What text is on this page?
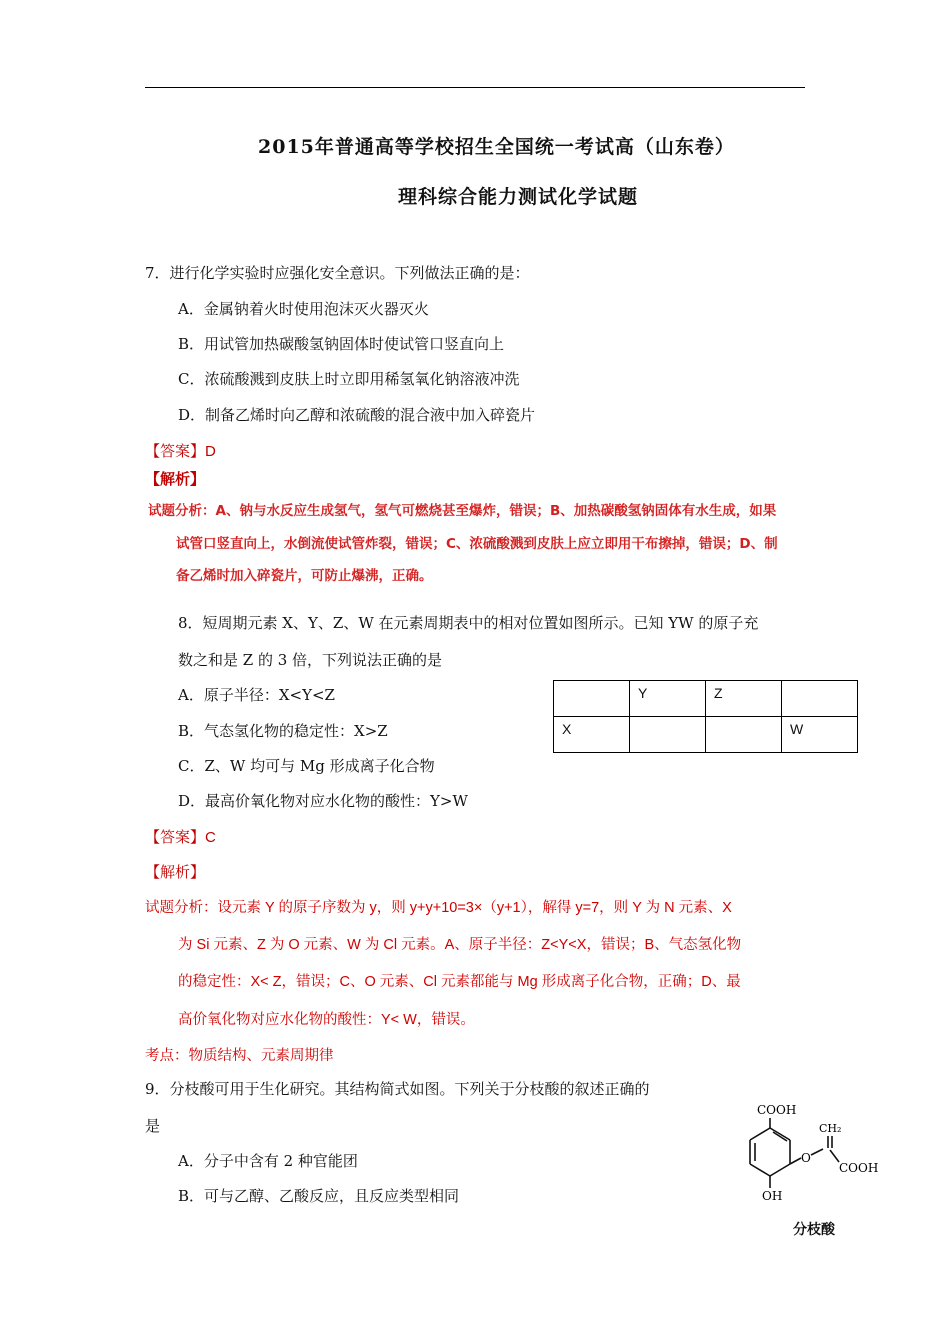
2015年普通高等学校招生全国统一考试高（山东卷）
理科综合能力测试化学试题
7．进行化学实验时应强化安全意识。下列做法正确的是：
A．金属钠着火时使用泡沫灭火器灭火
B．用试管加热碳酸氢钠固体时使试管口竖直向上
C．浓硫酸溅到皮肤上时立即用稀氢氧化钠溶液冲洗
D．制备乙烯时向乙醇和浓硫酸的混合液中加入碎瓷片
【答案】D
【解析】
试题分析：A、钠与水反应生成氢气，氢气可燃烧甚至爆炸，错误；B、加热碳酸氢钠固体有水生成，如果
试管口竖直向上，水倒流使试管炸裂，错误；C、浓硫酸溅到皮肤上应立即用干布擦掉，错误；D、制
备乙烯时加入碎瓷片，可防止爆沸，正确。
8．短周期元素 X、Y、Z、W 在元素周期表中的相对位置如图所示。已知 YW 的原子充
数之和是 Z 的 3 倍，下列说法正确的是
A．原子半径：X<Y<Z
B．气态氢化物的稳定性：X>Z
C．Z、W 均可与 Mg 形成离子化合物
D．最高价氧化物对应水化物的酸性：Y>W
	Y	Z	
X			W
【答案】C
【解析】
试题分析：设元素 Y 的原子序数为 y，则 y+y+10=3×（y+1），解得 y=7，则 Y 为 N 元素、X
为 Si 元素、Z 为 O 元素、W 为 Cl 元素。A、原子半径：Z<Y<X，错误；B、气态氢化物
的稳定性：X< Z，错误；C、O 元素、Cl 元素都能与 Mg 形成离子化合物，正确；D、最
高价氧化物对应水化物的酸性：Y< W，错误。
考点：物质结构、元素周期律
9．分枝酸可用于生化研究。其结构简式如图。下列关于分枝酸的叙述正确的
是
A．分子中含有 2 种官能团
B．可与乙醇、乙酸反应，且反应类型相同
COOH
CH₂
O
COOH
OH
分枝酸
